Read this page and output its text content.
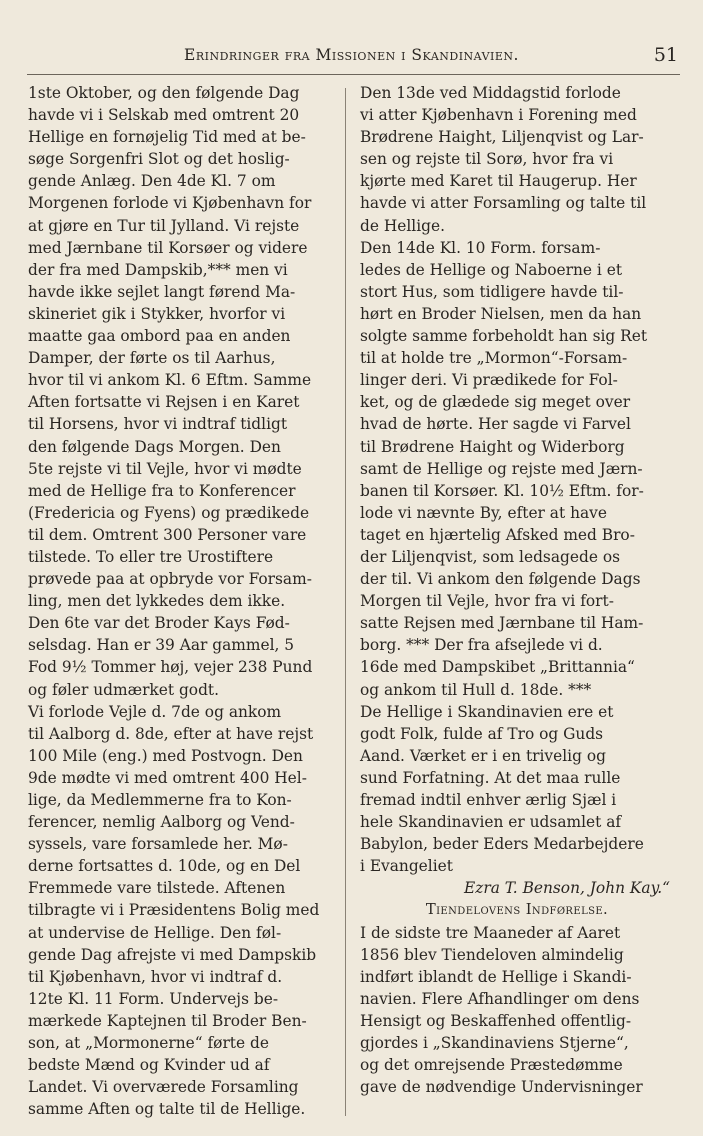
Erindringer fra Missionen i Skandinavien.	51
1ste Oktober, og den følgende Dag
havde vi i Selskab med omtrent 20
Hellige en fornøjelig Tid med at be-
søge Sorgenfri Slot og det hoslig-
gende Anlæg. Den 4de Kl. 7 om
Morgenen forlode vi Kjøbenhavn for
at gjøre en Tur til Jylland. Vi rejste
med Jærnbane til Korsøer og videre
der fra med Dampskib,*** men vi
havde ikke sejlet langt førend Ma-
skineriet gik i Stykker, hvorfor vi
maatte gaa ombord paa en anden
Damper, der førte os til Aarhus,
hvor til vi ankom Kl. 6 Eftm. Samme
Aften fortsatte vi Rejsen i en Karet
til Horsens, hvor vi indtraf tidligt
den følgende Dags Morgen. Den
5te rejste vi til Vejle, hvor vi mødte
med de Hellige fra to Konferencer
(Fredericia og Fyens) og prædikede
til dem. Omtrent 300 Personer vare
tilstede. To eller tre Urostiftere
prøvede paa at opbryde vor Forsam-
ling, men det lykkedes dem ikke.
Den 6te var det Broder Kays Fød-
selsdag. Han er 39 Aar gammel, 5
Fod 9½ Tommer høj, vejer 238 Pund
og føler udmærket godt.
Vi forlode Vejle d. 7de og ankom
til Aalborg d. 8de, efter at have rejst
100 Mile (eng.) med Postvogn. Den
9de mødte vi med omtrent 400 Hel-
lige, da Medlemmerne fra to Kon-
ferencer, nemlig Aalborg og Vend-
syssels, vare forsamlede her. Mø-
derne fortsattes d. 10de, og en Del
Fremmede vare tilstede. Aftenen
tilbragte vi i Præsidentens Bolig med
at undervise de Hellige. Den føl-
gende Dag afrejste vi med Dampskib
til Kjøbenhavn, hvor vi indtraf d.
12te Kl. 11 Form. Undervejs be-
mærkede Kaptejnen til Broder Ben-
son, at „Mormonerne“ førte de
bedste Mænd og Kvinder ud af
Landet. Vi overværede Forsamling
samme Aften og talte til de Hellige.
Den 13de ved Middagstid forlode
vi atter Kjøbenhavn i Forening med
Brødrene Haight, Liljenqvist og Lar-
sen og rejste til Sorø, hvor fra vi
kjørte med Karet til Haugerup. Her
havde vi atter Forsamling og talte til
de Hellige.
Den 14de Kl. 10 Form. forsam-
ledes de Hellige og Naboerne i et
stort Hus, som tidligere havde til-
hørt en Broder Nielsen, men da han
solgte samme forbeholdt han sig Ret
til at holde tre „Mormon“-Forsam-
linger deri. Vi prædikede for Fol-
ket, og de glædede sig meget over
hvad de hørte. Her sagde vi Farvel
til Brødrene Haight og Widerborg
samt de Hellige og rejste med Jærn-
banen til Korsøer. Kl. 10½ Eftm. for-
lode vi nævnte By, efter at have
taget en hjærtelig Afsked med Bro-
der Liljenqvist, som ledsagede os
der til. Vi ankom den følgende Dags
Morgen til Vejle, hvor fra vi fort-
satte Rejsen med Jærnbane til Ham-
borg. *** Der fra afsejlede vi d.
16de med Dampskibet „Brittannia“
og ankom til Hull d. 18de. ***
De Hellige i Skandinavien ere et
godt Folk, fulde af Tro og Guds
Aand. Værket er i en trivelig og
sund Forfatning. At det maa rulle
fremad indtil enhver ærlig Sjæl i
hele Skandinavien er udsamlet af
Babylon, beder Eders Medarbejdere
i Evangeliet
Ezra T. Benson, John Kay.“
Tiendelovens Indførelse.
I de sidste tre Maaneder af Aaret
1856 blev Tiendeloven almindelig
indført iblandt de Hellige i Skandi-
navien. Flere Afhandlinger om dens
Hensigt og Beskaffenhed offentlig-
gjordes i „Skandinaviens Stjerne“,
og det omrejsende Præstedømme
gave de nødvendige Undervisninger
